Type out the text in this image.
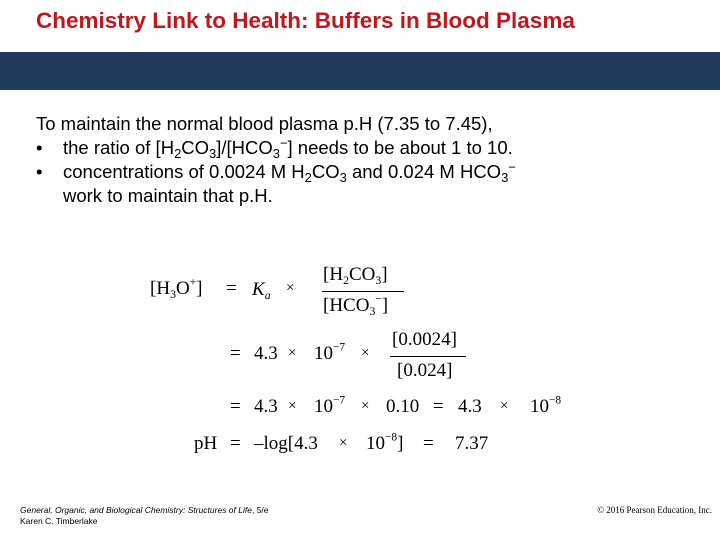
Chemistry Link to Health: Buffers in Blood Plasma
To maintain the normal blood plasma p.H (7.35 to 7.45),
• the ratio of $[H_2CO_3]/[HCO_3^-]$ needs to be about 1 to 10.
• concentrations of 0.0024 M $H_2CO_3$ and 0.024 M $HCO_3^-$
work to maintain that p.H.
$[H_3O^+] = K_a$ ×
$[H_2CO_3]$
$[HCO_3^-]$
= $4.3 \times 10^{-7}$ ×
[0.0024]
[0.024]
= $4.3 \times 10^{-7} \times 0.10 = 4.3 \times 10^{-8}$
pH = $-\log[4.3 \times 10^{-8}] = 7.37$
General, Organic, and Biological Chemistry: Structures of Life, 5/e
Karen C. Timberlake
© 2016 Pearson Education, Inc.
